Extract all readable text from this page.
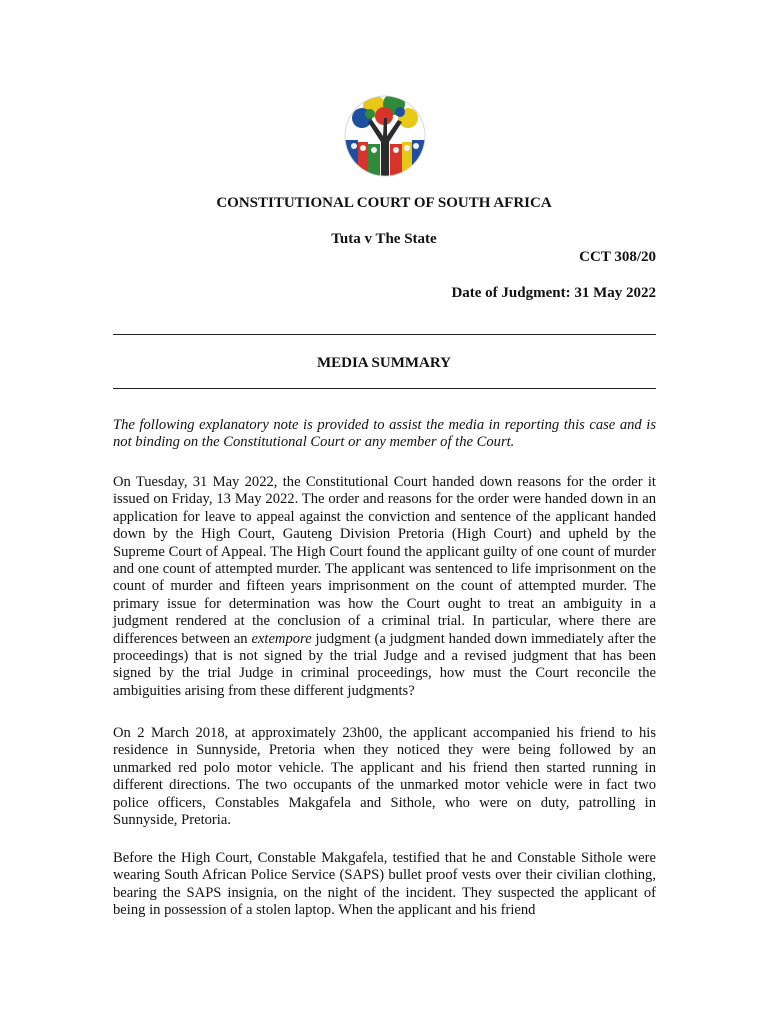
CONSTITUTIONAL COURT OF SOUTH AFRICA
Tuta v The State
CCT 308/20
Date of Judgment: 31 May 2022
MEDIA SUMMARY

The following explanatory note is provided to assist the media in reporting this case and is not binding on the Constitutional Court or any member of the Court.

On Tuesday, 31 May 2022, the Constitutional Court handed down reasons for the order it issued on Friday, 13 May 2022. The order and reasons for the order were handed down in an application for leave to appeal against the conviction and sentence of the applicant handed down by the High Court, Gauteng Division Pretoria (High Court) and upheld by the Supreme Court of Appeal. The High Court found the applicant guilty of one count of murder and one count of attempted murder. The applicant was sentenced to life imprisonment on the count of murder and fifteen years imprisonment on the count of attempted murder. The primary issue for determination was how the Court ought to treat an ambiguity in a judgment rendered at the conclusion of a criminal trial. In particular, where there are differences between an extempore judgment (a judgment handed down immediately after the proceedings) that is not signed by the trial Judge and a revised judgment that has been signed by the trial Judge in criminal proceedings, how must the Court reconcile the ambiguities arising from these different judgments?

On 2 March 2018, at approximately 23h00, the applicant accompanied his friend to his residence in Sunnyside, Pretoria when they noticed they were being followed by an unmarked red polo motor vehicle. The applicant and his friend then started running in different directions. The two occupants of the unmarked motor vehicle were in fact two police officers, Constables Makgafela and Sithole, who were on duty, patrolling in Sunnyside, Pretoria.

Before the High Court, Constable Makgafela, testified that he and Constable Sithole were wearing South African Police Service (SAPS) bullet proof vests over their civilian clothing, bearing the SAPS insignia, on the night of the incident. They suspected the applicant of being in possession of a stolen laptop. When the applicant and his friend
